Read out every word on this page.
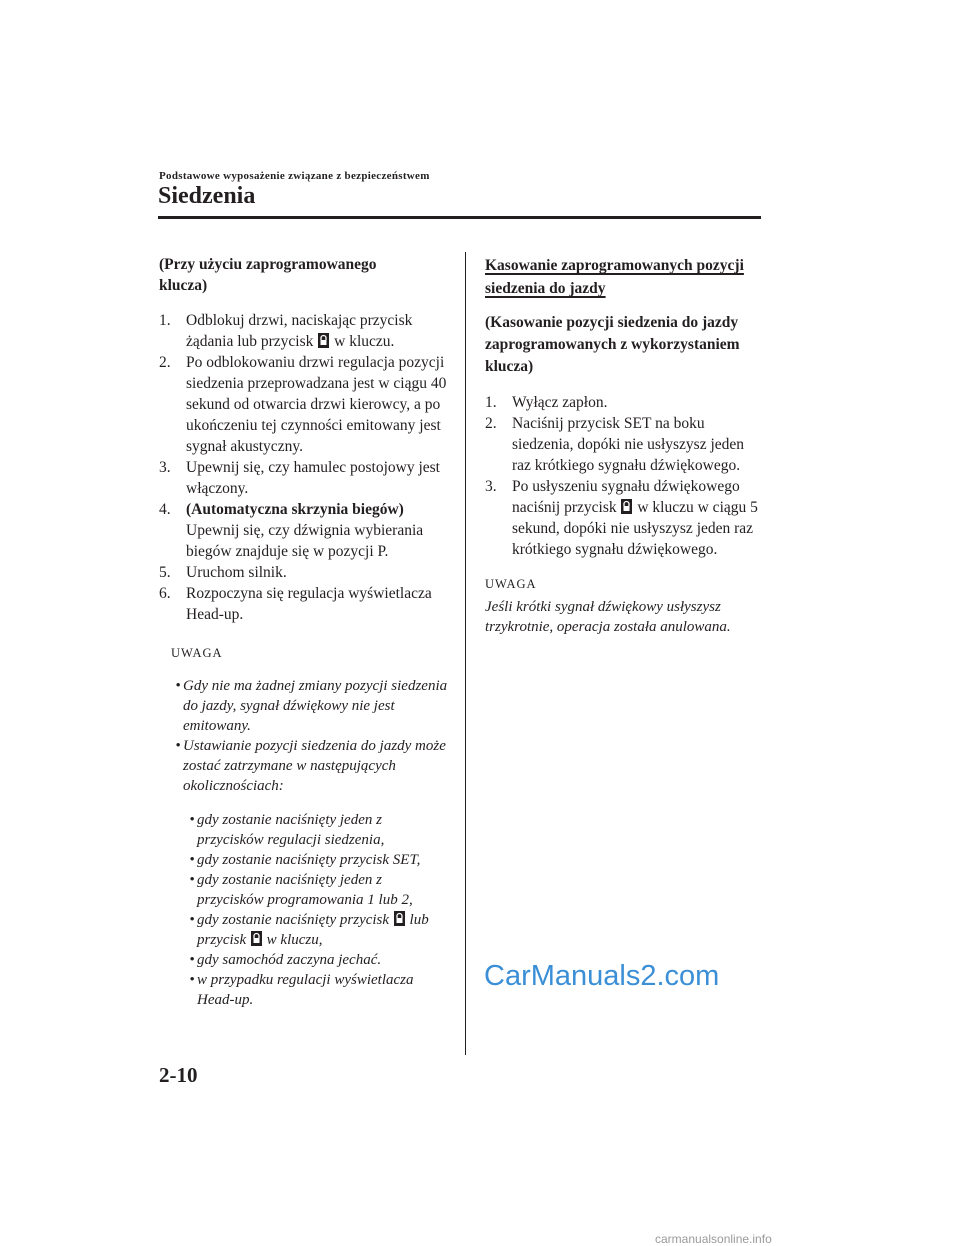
Podstawowe wyposażenie związane z bezpieczeństwem
Siedzenia

(Przy użyciu zaprogramowanego
klucza)

1. Odblokuj drzwi, naciskając przycisk
żądania lub przycisk  w kluczu.
2. Po odblokowaniu drzwi regulacja pozycji siedzenia przeprowadzana jest w ciągu 40 sekund od otwarcia drzwi kierowcy, a po ukończeniu tej czynności emitowany jest sygnał akustyczny.
3. Upewnij się, czy hamulec postojowy jest włączony.
4. (Automatyczna skrzynia biegów)
Upewnij się, czy dźwignia wybierania biegów znajduje się w pozycji P.
5. Uruchom silnik.
6. Rozpoczyna się regulacja wyświetlacza Head-up.
UWAGA
• Gdy nie ma żadnej zmiany pozycji siedzenia do jazdy, sygnał dźwiękowy nie jest emitowany.
• Ustawianie pozycji siedzenia do jazdy może zostać zatrzymane w następujących okolicznościach:
• gdy zostanie naciśnięty jeden z przycisków regulacji siedzenia,
• gdy zostanie naciśnięty przycisk SET,
• gdy zostanie naciśnięty jeden z przycisków programowania 1 lub 2,
• gdy zostanie naciśnięty przycisk  lub
przycisk  w kluczu,
• gdy samochód zaczyna jechać.
• w przypadku regulacji wyświetlacza Head-up.

Kasowanie zaprogramowanych pozycji
siedzenia do jazdy

(Kasowanie pozycji siedzenia do jazdy zaprogramowanych z wykorzystaniem klucza)

1. Wyłącz zapłon.
2. Naciśnij przycisk SET na boku siedzenia, dopóki nie usłyszysz jeden raz krótkiego sygnału dźwiękowego.
3. Po usłyszeniu sygnału dźwiękowego
naciśnij przycisk  w kluczu w ciągu 5
sekund, dopóki nie usłyszysz jeden raz krótkiego sygnału dźwiękowego.
UWAGA
Jeśli krótki sygnał dźwiękowy usłyszysz trzykrotnie, operacja została anulowana.
CarManuals2.com
2-10
carmanualsonline.info
